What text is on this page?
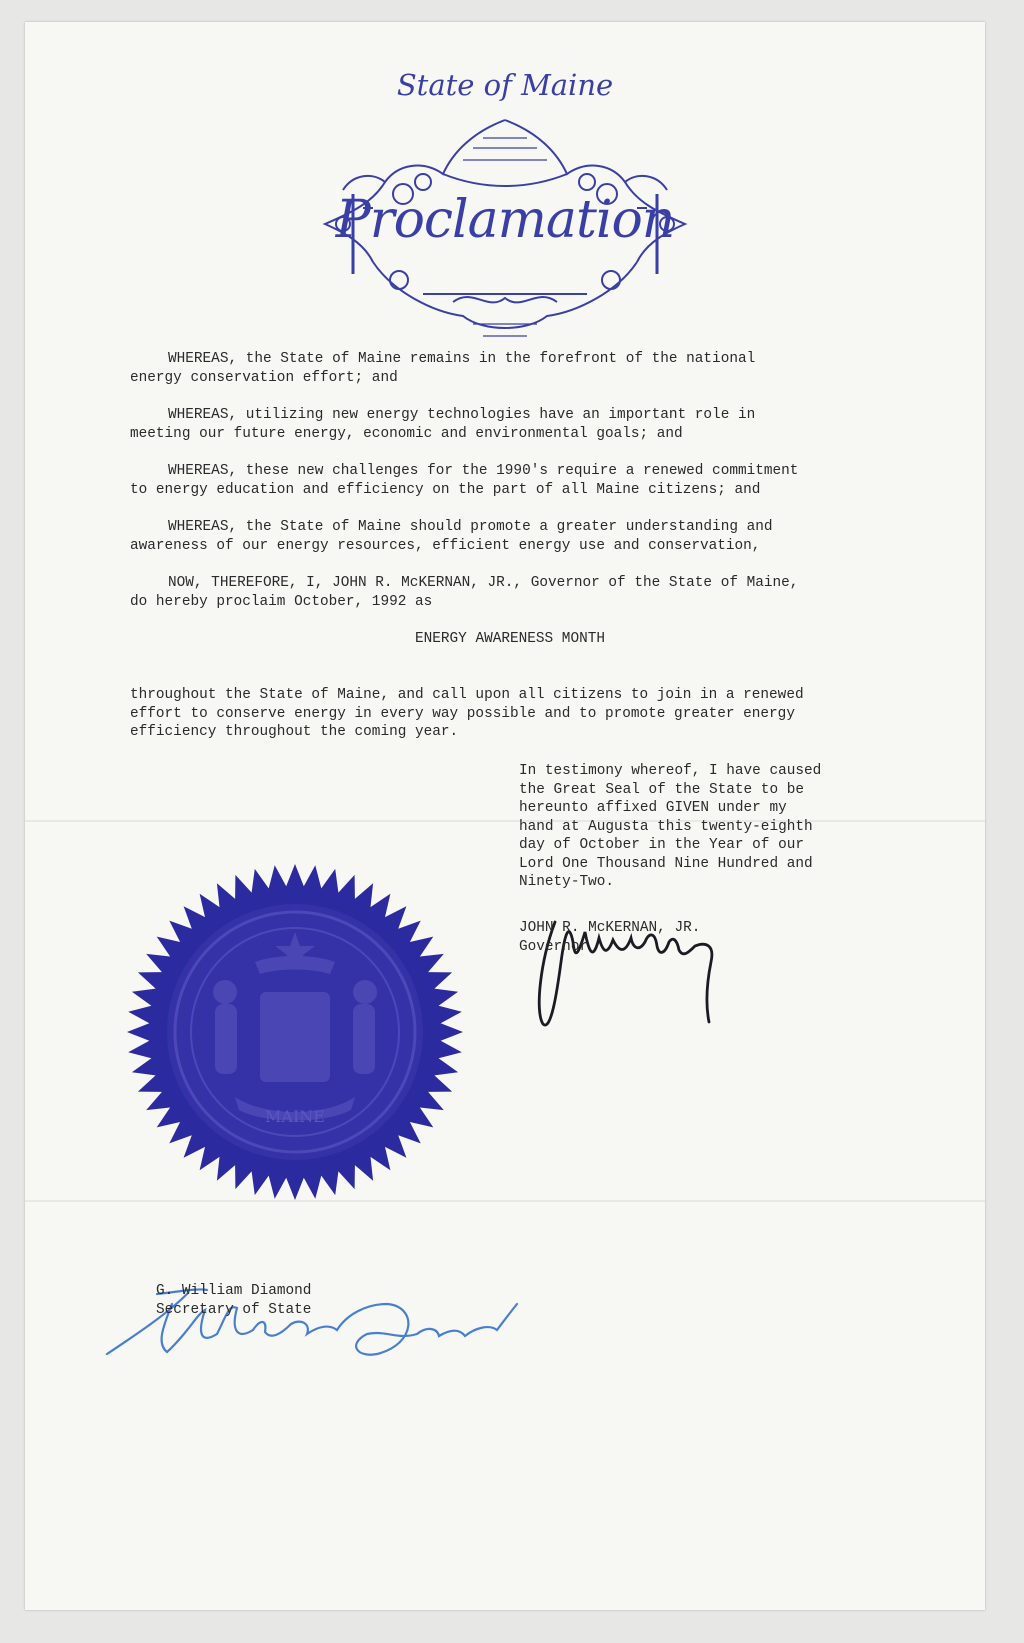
State of Maine
Proclamation
WHEREAS, the State of Maine remains in the forefront of the national
energy conservation effort; and
WHEREAS, utilizing new energy technologies have an important role in
meeting our future energy, economic and environmental goals; and
WHEREAS, these new challenges for the 1990's require a renewed commitment
to energy education and efficiency on the part of all Maine citizens; and
WHEREAS, the State of Maine should promote a greater understanding and
awareness of our energy resources, efficient energy use and conservation,
NOW, THEREFORE, I, JOHN R. McKERNAN, JR., Governor of the State of Maine,
do hereby proclaim October, 1992 as
ENERGY AWARENESS MONTH
throughout the State of Maine, and call upon all citizens to join in a renewed
effort to conserve energy in every way possible and to promote greater energy
efficiency throughout the coming year.
In testimony whereof, I have caused
the Great Seal of the State to be
hereunto affixed GIVEN under my
hand at Augusta this twenty-eighth
day of October in the Year of our
Lord One Thousand Nine Hundred and
Ninety-Two.
JOHN R. McKERNAN, JR.
Governor
MAINE
G. William Diamond
Secretary of State
